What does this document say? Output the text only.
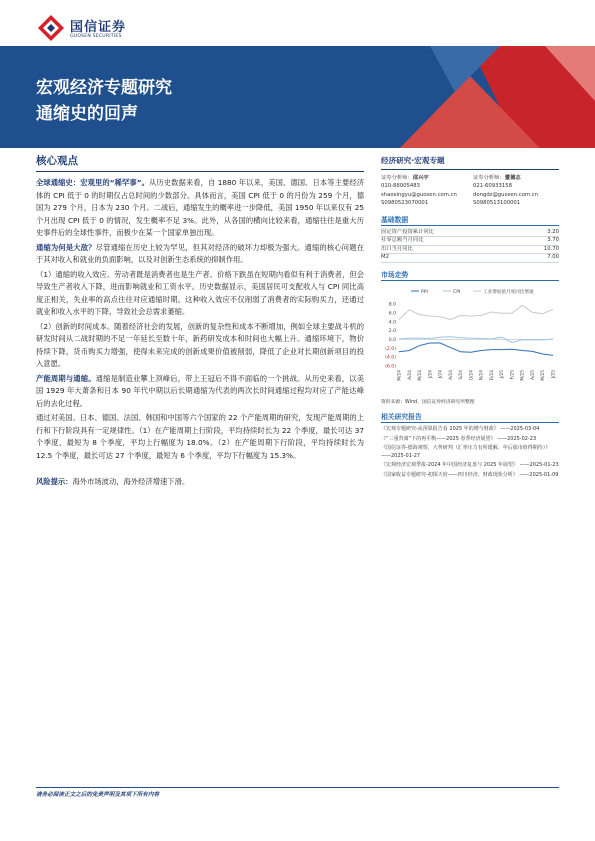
国信证券
GUOSEN SECURITIES
宏观经济专题研究
通缩史的回声
核心观点

全球通缩史：宏观里的“稀罕事”。从历史数据来看，自 1880 年以来，美国、德国、日本等主要经济体的 CPI 低于 0 的时期仅占总时间的少数部分。具体而言，美国 CPI 低于 0 的月份为 259 个月，德国为 279 个月，日本为 230 个月。二战后，通缩发生的概率进一步降低，美国 1950 年以来仅有 25 个月出现 CPI 低于 0 的情况，发生概率不足 3%。此外，从各国的横向比较来看，通缩往往是重大历史事件后的全球性事件，而极少在某一个国家单独出现。

通缩为何是大敌？尽管通缩在历史上较为罕见，但其对经济的破坏力却极为强大。通缩的核心问题在于其对收入和就业的负面影响，以及对创新生态系统的抑制作用。

（1）通缩的收入效应。劳动者既是消费者也是生产者。价格下跌虽在短期内看似有利于消费者，但会导致生产者收入下降，进而影响就业和工资水平。历史数据显示，美国居民可支配收入与 CPI 同比高度正相关，失业率的高点往往对应通缩时期。这种收入效应不仅削弱了消费者的实际购买力，还通过就业和收入水平的下降，导致社会总需求萎缩。

（2）创新的时间成本。随着经济社会的发展，创新的复杂性和成本不断增加，例如全球主要战斗机的研发时间从二战时期的不足一年延长至数十年，新药研发成本和时间也大幅上升。通缩环境下，物价持续下降，货币购买力增强，使得未来完成的创新成果价值被削弱，降低了企业对长期创新项目的投入意愿。

产能周期与通缩。通缩是制造业攀上顶峰后，带上王冠后不得不面临的一个挑战。从历史来看，以美国 1929 年大萧条和日本 90 年代中期以后长期通缩为代表的两次长时间通缩过程均对应了产能达峰后的去化过程。

通过对美国、日本、德国、法国、韩国和中国等六个国家的 22 个产能周期的研究，发现产能周期的上行和下行阶段具有一定规律性。（1）在产能周期上行阶段，平均持续时长为 22 个季度，最长可达 37 个季度，最短为 8 个季度，平均上行幅度为 18.0%。（2）在产能周期下行阶段，平均持续时长为 12.5 个季度，最长可达 27 个季度，最短为 6 个季度，平均下行幅度为 15.3%。

风险提示：海外市场波动，海外经济增速下滑。

经济研究·宏观专题
证券分析师：邵兴宇
010-88005483
shaoxingyu@guosen.com.cn
S0980523070001
证券分析师：董德志
021-60933158
dongdz@guosen.com.cn
S0980513100001
基础数据
固定资产投资累计同比	3.20
社零总额当月同比	3.70
出口当月同比	10.70
M2	7.00
市场走势
PPI	CPI	工业增加值月度同比增速
8.0
6.0
4.0
2.0
0.0
(2.0)
(4.0)
(6.0)
M/24 A/24 M/24 J/24 J/24 A/24 S/24 O/24 N/24 D/24 J/25 F/25 M/25 A/25 M/25 J/25
资料来源：Wind、国信证券经济研究所整理
相关研究报告
《宏观专题研究-从预算报告看 2025 年的增与财政》 ——2025-03-04
《“三重背离”下的再平衡——2025 春季经济展望》 ——2025-02-23
《国信证券-德海观察，大势研判（汇率压力有所缓解，年后债市值得期待）》 ——2025-01-27
《宏观经济宏观季报-2024 年中国经济复盘与 2025 年展望》 ——2025-01-23
《国家收益专题研究-初探天府——四川经济、财政现状分析》 ——2025-01-09
请务必阅读正文之后的免责声明及其项下所有内容
